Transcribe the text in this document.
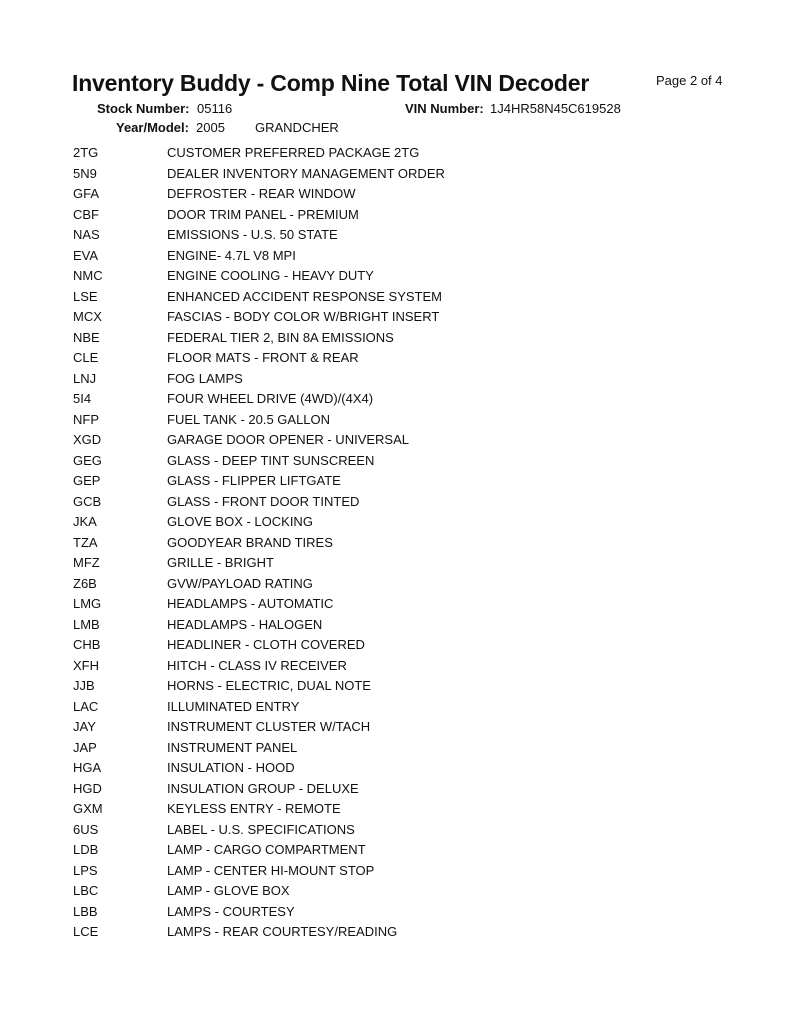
Inventory Buddy - Comp Nine Total VIN Decoder	Page 2 of 4
Stock Number: 05116	VIN Number: 1J4HR58N45C619528
Year/Model: 2005 GRANDCHER
2TG	CUSTOMER PREFERRED PACKAGE 2TG
5N9	DEALER INVENTORY MANAGEMENT ORDER
GFA	DEFROSTER - REAR WINDOW
CBF	DOOR TRIM PANEL - PREMIUM
NAS	EMISSIONS - U.S. 50 STATE
EVA	ENGINE- 4.7L V8 MPI
NMC	ENGINE COOLING - HEAVY DUTY
LSE	ENHANCED ACCIDENT RESPONSE SYSTEM
MCX	FASCIAS - BODY COLOR W/BRIGHT INSERT
NBE	FEDERAL TIER 2, BIN 8A EMISSIONS
CLE	FLOOR MATS - FRONT & REAR
LNJ	FOG LAMPS
5I4	FOUR WHEEL DRIVE (4WD)/(4X4)
NFP	FUEL TANK - 20.5 GALLON
XGD	GARAGE DOOR OPENER - UNIVERSAL
GEG	GLASS - DEEP TINT SUNSCREEN
GEP	GLASS - FLIPPER LIFTGATE
GCB	GLASS - FRONT DOOR TINTED
JKA	GLOVE BOX - LOCKING
TZA	GOODYEAR BRAND TIRES
MFZ	GRILLE - BRIGHT
Z6B	GVW/PAYLOAD RATING
LMG	HEADLAMPS - AUTOMATIC
LMB	HEADLAMPS - HALOGEN
CHB	HEADLINER - CLOTH COVERED
XFH	HITCH - CLASS IV RECEIVER
JJB	HORNS - ELECTRIC, DUAL NOTE
LAC	ILLUMINATED ENTRY
JAY	INSTRUMENT CLUSTER W/TACH
JAP	INSTRUMENT PANEL
HGA	INSULATION - HOOD
HGD	INSULATION GROUP - DELUXE
GXM	KEYLESS ENTRY - REMOTE
6US	LABEL - U.S. SPECIFICATIONS
LDB	LAMP - CARGO COMPARTMENT
LPS	LAMP - CENTER HI-MOUNT STOP
LBC	LAMP - GLOVE BOX
LBB	LAMPS - COURTESY
LCE	LAMPS - REAR COURTESY/READING
